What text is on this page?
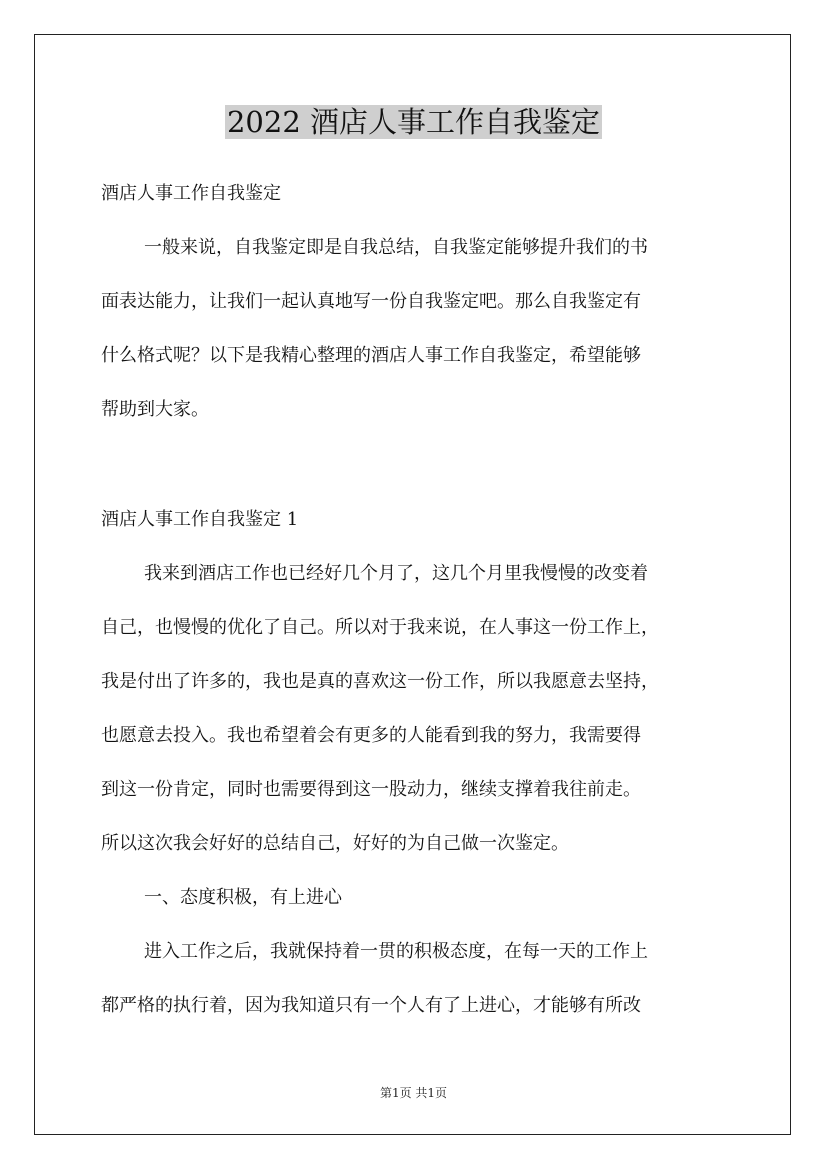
2022 酒店人事工作自我鉴定

酒店人事工作自我鉴定

一般来说，自我鉴定即是自我总结，自我鉴定能够提升我们的书

面表达能力，让我们一起认真地写一份自我鉴定吧。那么自我鉴定有

什么格式呢？以下是我精心整理的酒店人事工作自我鉴定，希望能够

帮助到大家。

酒店人事工作自我鉴定 1

我来到酒店工作也已经好几个月了，这几个月里我慢慢的改变着

自己，也慢慢的优化了自己。所以对于我来说，在人事这一份工作上，

我是付出了许多的，我也是真的喜欢这一份工作，所以我愿意去坚持，

也愿意去投入。我也希望着会有更多的人能看到我的努力，我需要得

到这一份肯定，同时也需要得到这一股动力，继续支撑着我往前走。

所以这次我会好好的总结自己，好好的为自己做一次鉴定。

一、态度积极，有上进心

进入工作之后，我就保持着一贯的积极态度，在每一天的工作上

都严格的执行着，因为我知道只有一个人有了上进心，才能够有所改

第1页 共1页
